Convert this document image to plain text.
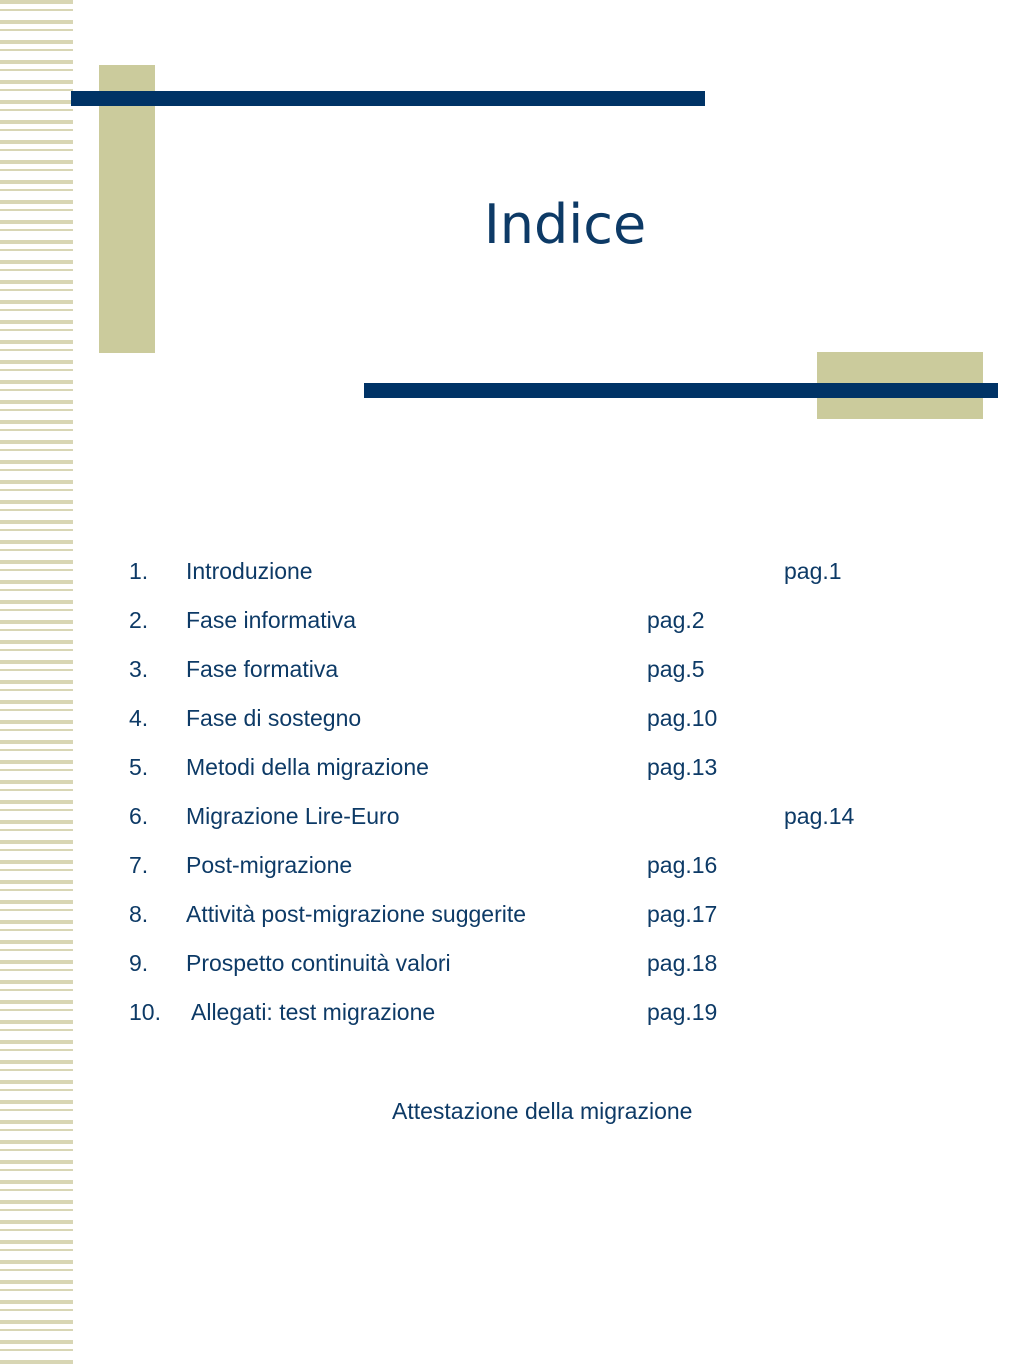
Indice
1. Introduzione	pag.1
2. Fase informativa	pag.2
3. Fase formativa	pag.5
4. Fase di sostegno	pag.10
5. Metodi della migrazione	pag.13
6. Migrazione Lire-Euro	pag.14
7. Post-migrazione	pag.16
8. Attività post-migrazione suggerite	pag.17
9. Prospetto continuità valori	pag.18
10. Allegati: test migrazione	pag.19
Attestazione della migrazione
